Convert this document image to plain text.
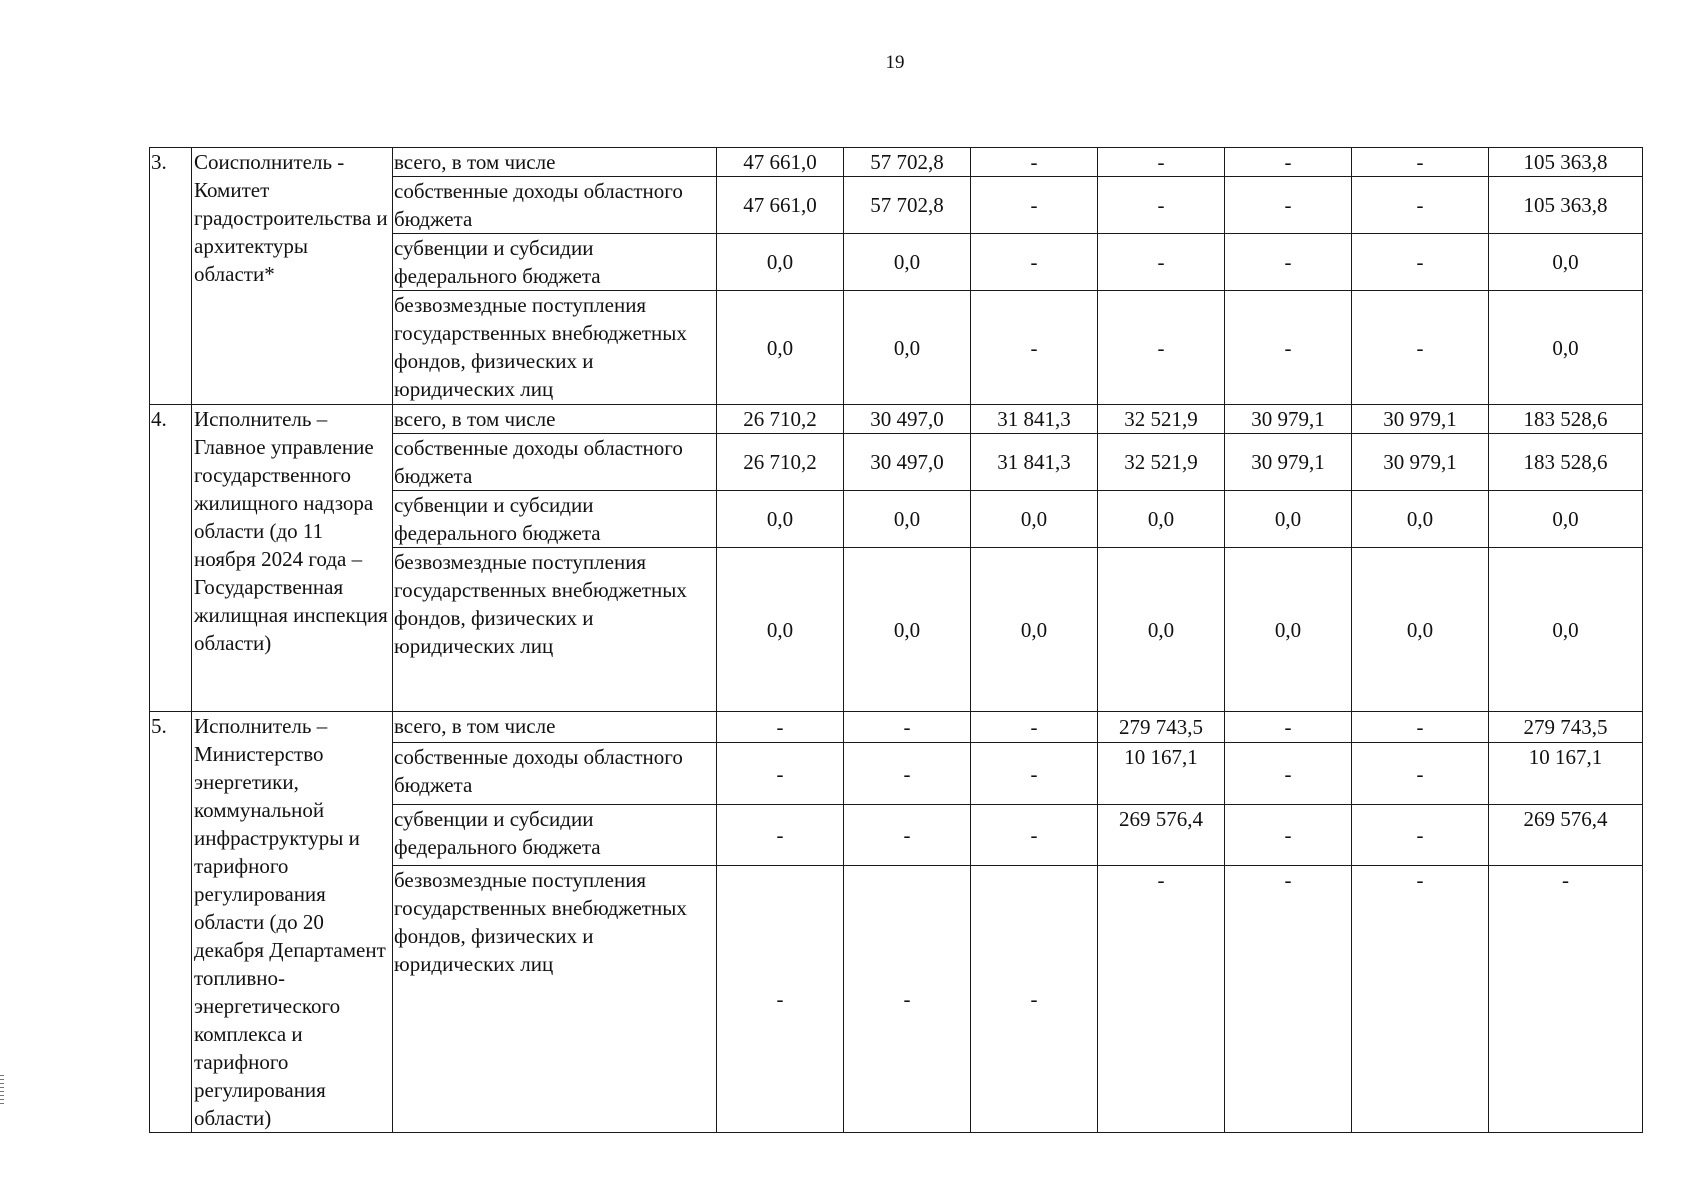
19
3.	Соисполнитель - Комитет градостроительства и архитектуры области*	всего, в том числе	47 661,0	57 702,8	-	-	-	-	105 363,8
		собственные доходы областного бюджета	47 661,0	57 702,8	-	-	-	-	105 363,8
		субвенции и субсидии федерального бюджета	0,0	0,0	-	-	-	-	0,0
		безвозмездные поступления государственных внебюджетных фондов, физических и юридических лиц	0,0	0,0	-	-	-	-	0,0
4.	Исполнитель – Главное управление государственного жилищного надзора области (до 11 ноября 2024 года – Государственная жилищная инспекция области)	всего, в том числе	26 710,2	30 497,0	31 841,3	32 521,9	30 979,1	30 979,1	183 528,6
		собственные доходы областного бюджета	26 710,2	30 497,0	31 841,3	32 521,9	30 979,1	30 979,1	183 528,6
		субвенции и субсидии федерального бюджета	0,0	0,0	0,0	0,0	0,0	0,0	0,0
		безвозмездные поступления государственных внебюджетных фондов, физических и юридических лиц	0,0	0,0	0,0	0,0	0,0	0,0	0,0
5.	Исполнитель – Министерство энергетики, коммунальной инфраструктуры и тарифного регулирования области (до 20 декабря Департамент топливно-энергетического комплекса и тарифного регулирования области)	всего, в том числе	-	-	-	279 743,5	-	-	279 743,5
		собственные доходы областного бюджета	-	-	-	10 167,1	-	-	10 167,1
		субвенции и субсидии федерального бюджета	-	-	-	269 576,4	-	-	269 576,4
		безвозмездные поступления государственных внебюджетных фондов, физических и юридических лиц	-	-	-	-	-	-	-
